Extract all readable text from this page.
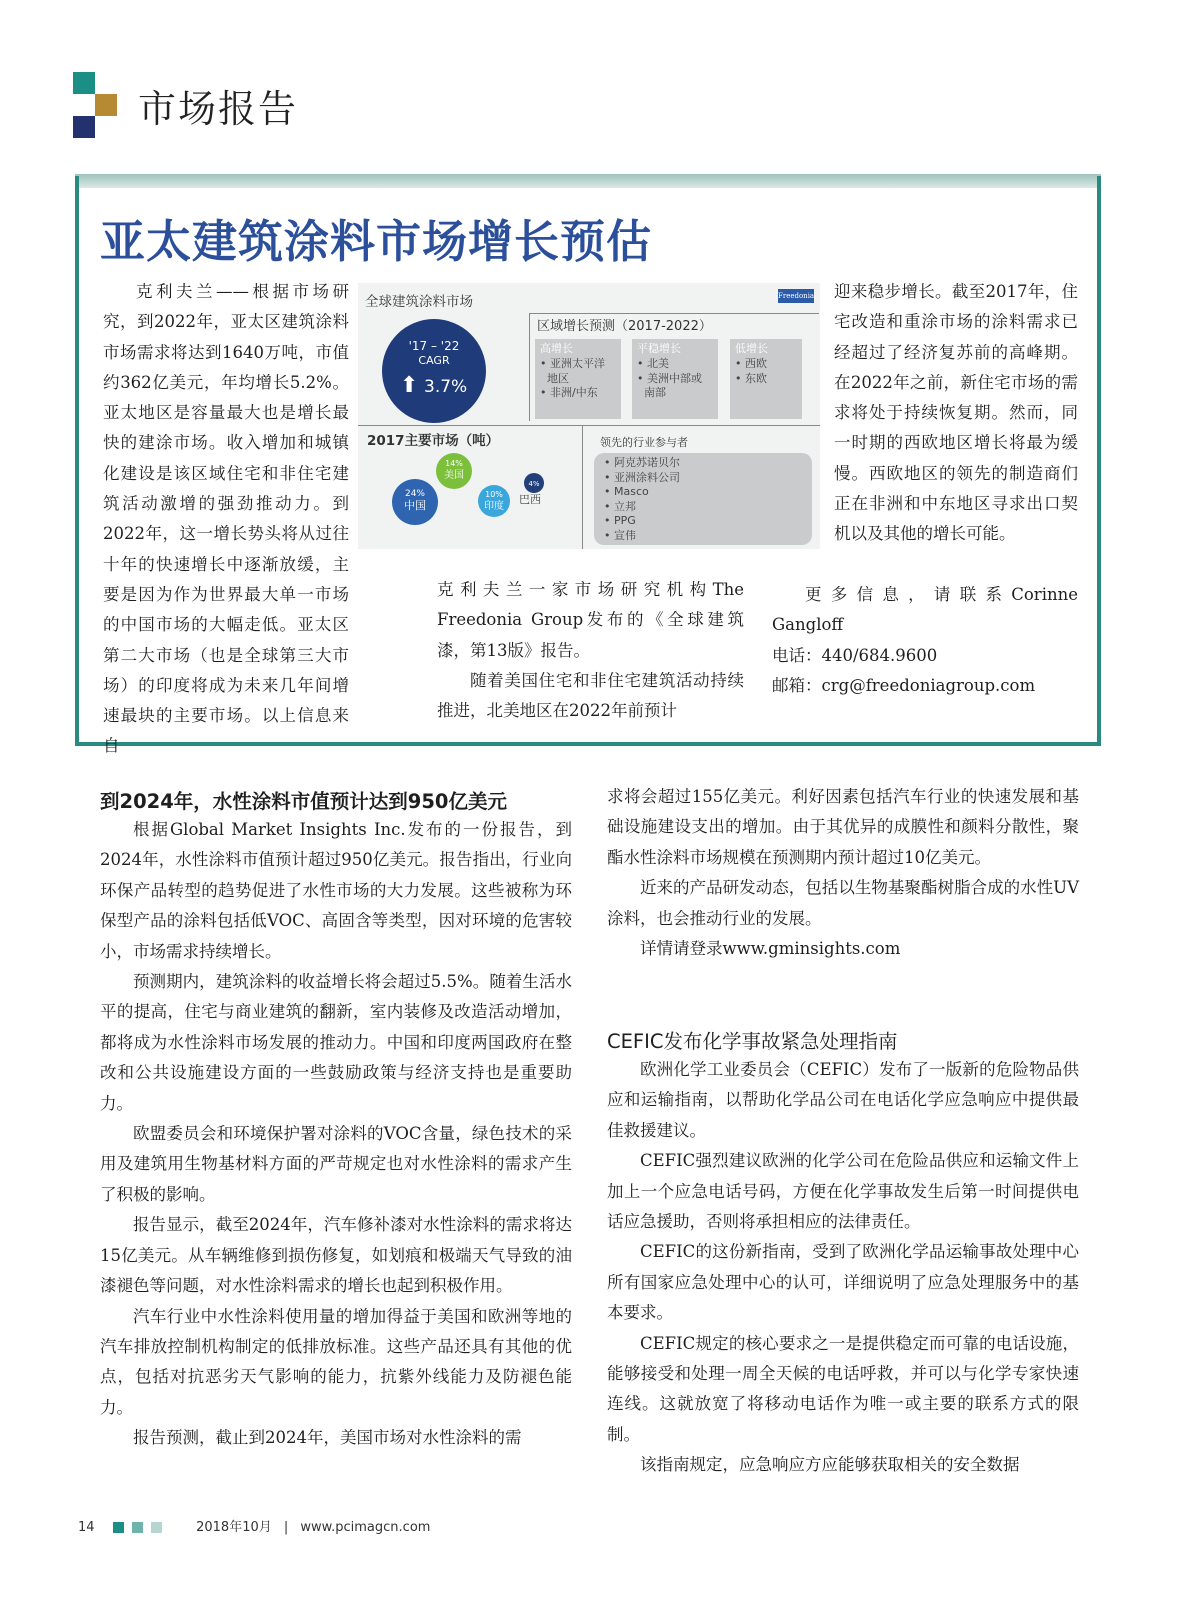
市场报告
亚太建筑涂料市场增长预估

克利夫兰——根据市场研究，到2022年，亚太区建筑涂料市场需求将达到1640万吨，市值约362亿美元，年均增长5.2%。亚太地区是容量最大也是增长最快的建涂市场。收入增加和城镇化建设是该区域住宅和非住宅建筑活动激增的强劲推动力。到2022年，这一增长势头将从过往十年的快速增长中逐渐放缓，主要是因为作为世界最大单一市场的中国市场的大幅走低。亚太区第二大市场（也是全球第三大市场）的印度将成为未来几年间增速最块的主要市场。以上信息来自

全球建筑涂料市场	Freedonia
'17 – '22
CAGR
⬆ 3.7%
区域增长预测（2017-2022）
高增长
• 亚洲太平洋
地区
• 非洲/中东
平稳增长
• 北美
• 美洲中部或
南部
低增长
• 西欧
• 东欧
2017主要市场（吨）
24%
中国
14%
美国
10%
印度
4%
巴西
领先的行业参与者
• 阿克苏诺贝尔
• 亚洲涂料公司
• Masco
• 立邦
• PPG
• 宣伟

克利夫兰一家市场研究机构The Freedonia Group发布的《全球建筑漆，第13版》报告。

随着美国住宅和非住宅建筑活动持续推进，北美地区在2022年前预计

迎来稳步增长。截至2017年，住宅改造和重涂市场的涂料需求已经超过了经济复苏前的高峰期。在2022年之前，新住宅市场的需求将处于持续恢复期。然而，同一时期的西欧地区增长将最为缓慢。西欧地区的领先的制造商们正在非洲和中东地区寻求出口契机以及其他的增长可能。

更多信息，请联系Corinne Gangloff

电话：440/684.9600

邮箱：crg@freedoniagroup.com

到2024年，水性涂料市值预计达到950亿美元

根据Global Market Insights Inc.发布的一份报告，到2024年，水性涂料市值预计超过950亿美元。报告指出，行业向环保产品转型的趋势促进了水性市场的大力发展。这些被称为环保型产品的涂料包括低VOC、高固含等类型，因对环境的危害较小，市场需求持续增长。

预测期内，建筑涂料的收益增长将会超过5.5%。随着生活水平的提高，住宅与商业建筑的翻新，室内装修及改造活动增加，都将成为水性涂料市场发展的推动力。中国和印度两国政府在整改和公共设施建设方面的一些鼓励政策与经济支持也是重要助力。

欧盟委员会和环境保护署对涂料的VOC含量，绿色技术的采用及建筑用生物基材料方面的严苛规定也对水性涂料的需求产生了积极的影响。

报告显示，截至2024年，汽车修补漆对水性涂料的需求将达15亿美元。从车辆维修到损伤修复，如划痕和极端天气导致的油漆褪色等问题，对水性涂料需求的增长也起到积极作用。

汽车行业中水性涂料使用量的增加得益于美国和欧洲等地的汽车排放控制机构制定的低排放标准。这些产品还具有其他的优点，包括对抗恶劣天气影响的能力，抗紫外线能力及防褪色能力。

报告预测，截止到2024年，美国市场对水性涂料的需

求将会超过155亿美元。利好因素包括汽车行业的快速发展和基础设施建设支出的增加。由于其优异的成膜性和颜料分散性，聚酯水性涂料市场规模在预测期内预计超过10亿美元。

近来的产品研发动态，包括以生物基聚酯树脂合成的水性UV涂料，也会推动行业的发展。

详情请登录www.gminsights.com

CEFIC发布化学事故紧急处理指南

欧洲化学工业委员会（CEFIC）发布了一版新的危险物品供应和运输指南，以帮助化学品公司在电话化学应急响应中提供最佳救援建议。

CEFIC强烈建议欧洲的化学公司在危险品供应和运输文件上加上一个应急电话号码，方便在化学事故发生后第一时间提供电话应急援助，否则将承担相应的法律责任。

CEFIC的这份新指南，受到了欧洲化学品运输事故处理中心所有国家应急处理中心的认可，详细说明了应急处理服务中的基本要求。

CEFIC规定的核心要求之一是提供稳定而可靠的电话设施，能够接受和处理一周全天候的电话呼救，并可以与化学专家快速连线。这就放宽了将移动电话作为唯一或主要的联系方式的限制。

该指南规定，应急响应方应能够获取相关的安全数据

14	2018年10月 | www.pcimagcn.com
